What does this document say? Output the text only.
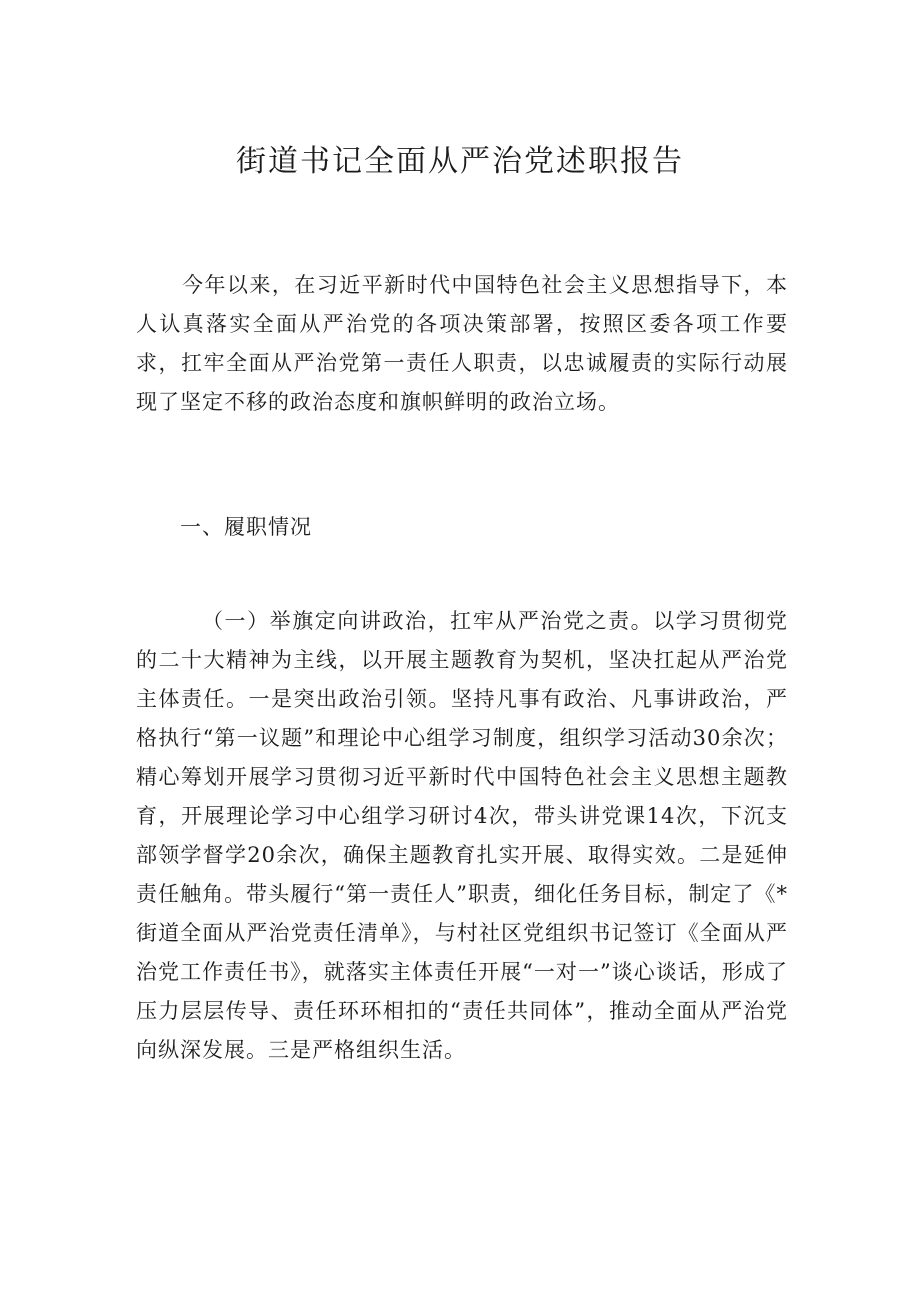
街道书记全面从严治党述职报告

今年以来，在习近平新时代中国特色社会主义思想指导下，本人认真落实全面从严治党的各项决策部署，按照区委各项工作要求，扛牢全面从严治党第一责任人职责，以忠诚履责的实际行动展现了坚定不移的政治态度和旗帜鲜明的政治立场。

一、履职情况

（一）举旗定向讲政治，扛牢从严治党之责。以学习贯彻党的二十大精神为主线，以开展主题教育为契机，坚决扛起从严治党主体责任。一是突出政治引领。坚持凡事有政治、凡事讲政治，严格执行“第一议题”和理论中心组学习制度，组织学习活动30余次；精心筹划开展学习贯彻习近平新时代中国特色社会主义思想主题教育，开展理论学习中心组学习研讨4次，带头讲党课14次，下沉支部领学督学20余次，确保主题教育扎实开展、取得实效。二是延伸责任触角。带头履行“第一责任人”职责，细化任务目标，制定了《*街道全面从严治党责任清单》，与村社区党组织书记签订《全面从严治党工作责任书》，就落实主体责任开展“一对一”谈心谈话，形成了压力层层传导、责任环环相扣的“责任共同体”，推动全面从严治党向纵深发展。三是严格组织生活。
